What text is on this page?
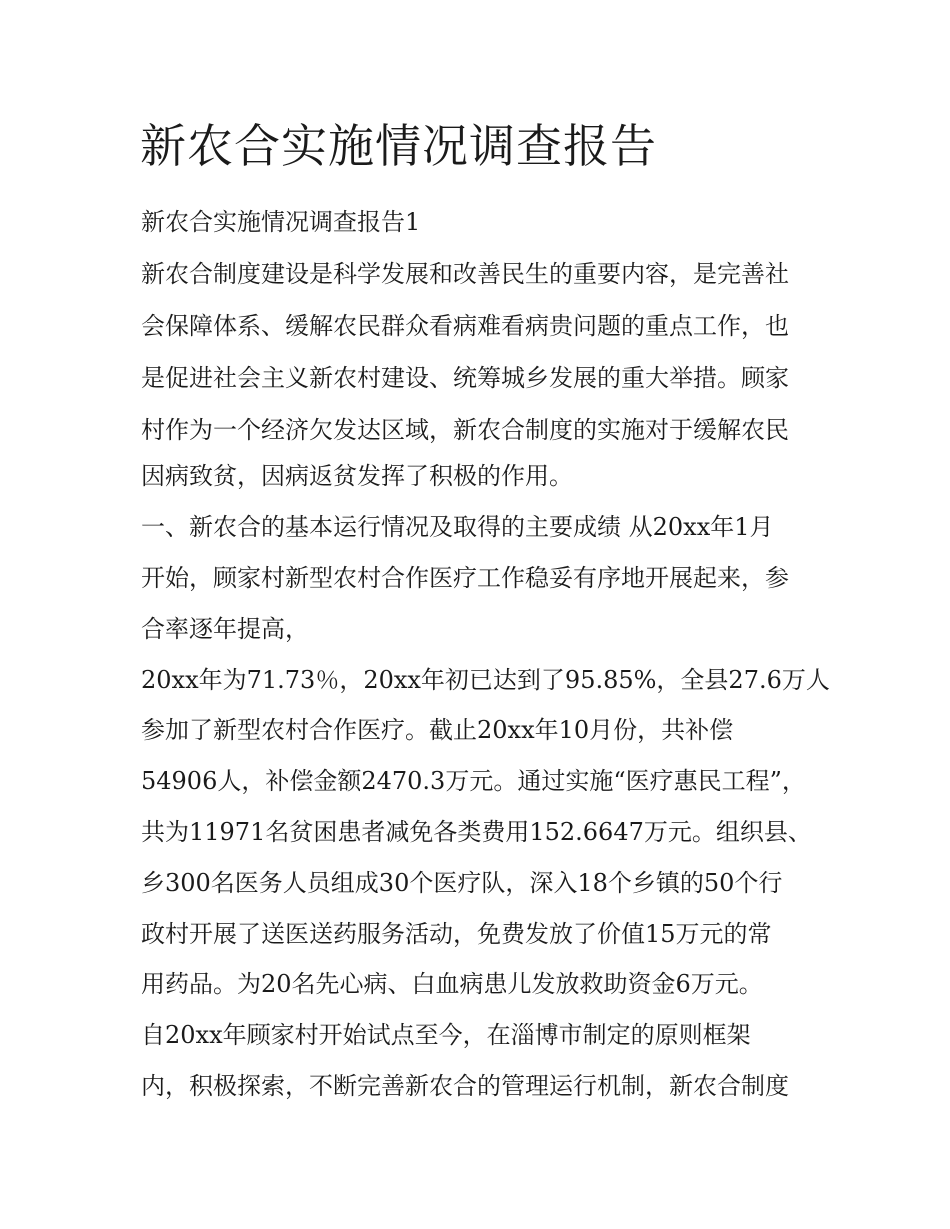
新农合实施情况调查报告

新农合实施情况调查报告1

新农合制度建设是科学发展和改善民生的重要内容，是完善社

会保障体系、缓解农民群众看病难看病贵问题的重点工作，也

是促进社会主义新农村建设、统筹城乡发展的重大举措。顾家

村作为一个经济欠发达区域，新农合制度的实施对于缓解农民

因病致贫，因病返贫发挥了积极的作用。

一、新农合的基本运行情况及取得的主要成绩 从20xx年1月

开始，顾家村新型农村合作医疗工作稳妥有序地开展起来，参

合率逐年提高，

20xx年为71.73％，20xx年初已达到了95.85%，全县27.6万人

参加了新型农村合作医疗。截止20xx年10月份，共补偿

54906人，补偿金额2470.3万元。通过实施“医疗惠民工程”，

共为11971名贫困患者减免各类费用152.6647万元。组织县、

乡300名医务人员组成30个医疗队，深入18个乡镇的50个行

政村开展了送医送药服务活动，免费发放了价值15万元的常

用药品。为20名先心病、白血病患儿发放救助资金6万元。

自20xx年顾家村开始试点至今，在淄博市制定的原则框架

内，积极探索，不断完善新农合的管理运行机制，新农合制度
